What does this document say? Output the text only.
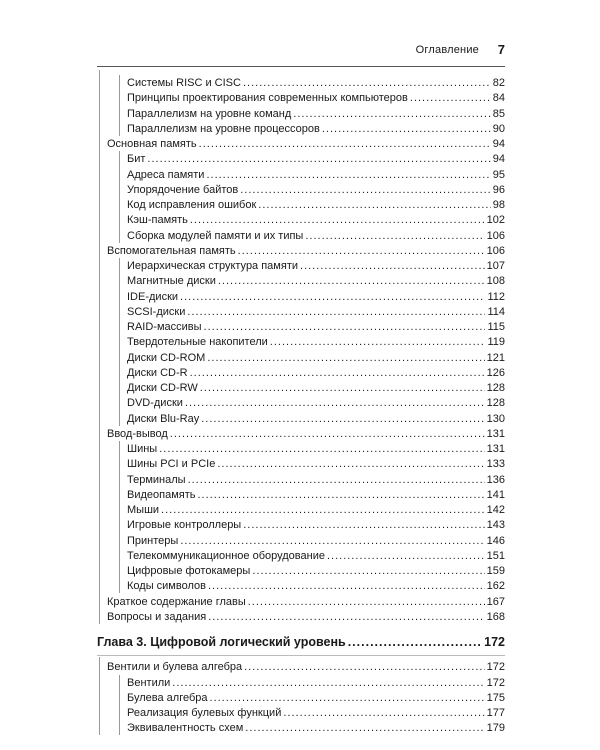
Оглавление 7
Системы RISC и CISC .....	82
Принципы проектирования современных компьютеров .....	84
Параллелизм на уровне команд .....	85
Параллелизм на уровне процессоров .....	90
Основная память .....	94
Бит .....	94
Адреса памяти .....	95
Упорядочение байтов .....	96
Код исправления ошибок .....	98
Кэш-память .....	102
Сборка модулей памяти и их типы .....	106
Вспомогательная память .....	106
Иерархическая структура памяти .....	107
Магнитные диски .....	108
IDE-диски .....	112
SCSI-диски .....	114
RAID-массивы .....	115
Твердотельные накопители .....	119
Диски CD-ROM .....	121
Диски CD-R .....	126
Диски CD-RW .....	128
DVD-диски .....	128
Диски Blu-Ray .....	130
Ввод-вывод .....	131
Шины .....	131
Шины PCI и PCIe .....	133
Терминалы .....	136
Видеопамять .....	141
Мыши .....	142
Игровые контроллеры .....	143
Принтеры .....	146
Телекоммуникационное оборудование .....	151
Цифровые фотокамеры .....	159
Коды символов .....	162
Краткое содержание главы .....	167
Вопросы и задания .....	168
Глава 3. Цифровой логический уровень .....	172
Вентили и булева алгебра .....	172
Вентили .....	172
Булева алгебра .....	175
Реализация булевых функций .....	177
Эквивалентность схем .....	179
